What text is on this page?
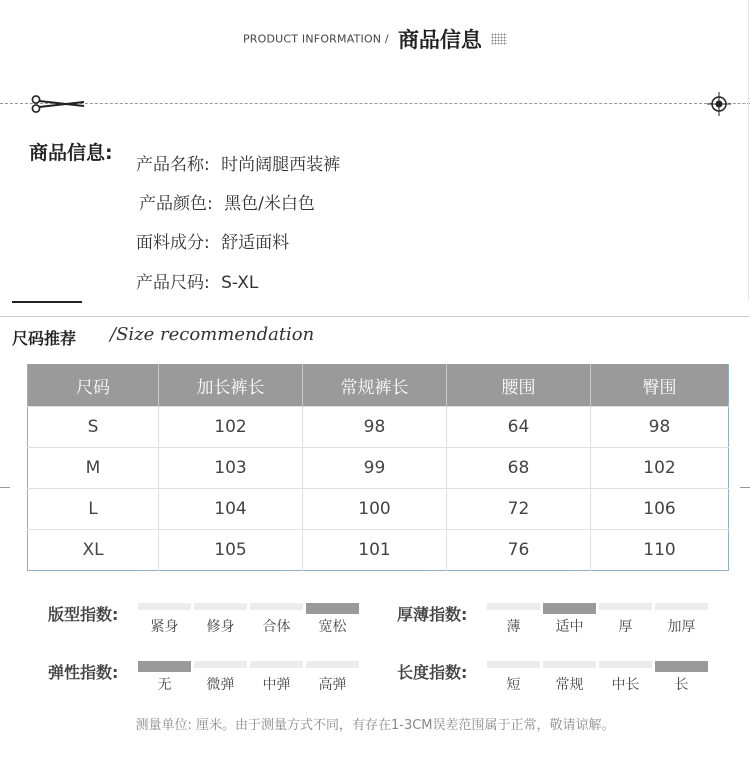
PRODUCT INFORMATION / 商品信息
商品信息:
产品名称: 时尚阔腿西装裤
产品颜色: 黑色/米白色
面料成分: 舒适面料
产品尺码: S-XL
尺码推荐 /Size recommendation
尺码	加长裤长	常规裤长	腰围	臀围
S	102	98	64	98
M	103	99	68	102
L	104	100	72	106
XL	105	101	76	110
版型指数:
紧身	修身	合体	宽松
厚薄指数:
薄	适中	厚	加厚
弹性指数:
无	微弹	中弹	高弹
长度指数:
短	常规	中长	长
测量单位: 厘米。由于测量方式不同，有存在1-3CM误差范围属于正常，敬请谅解。
